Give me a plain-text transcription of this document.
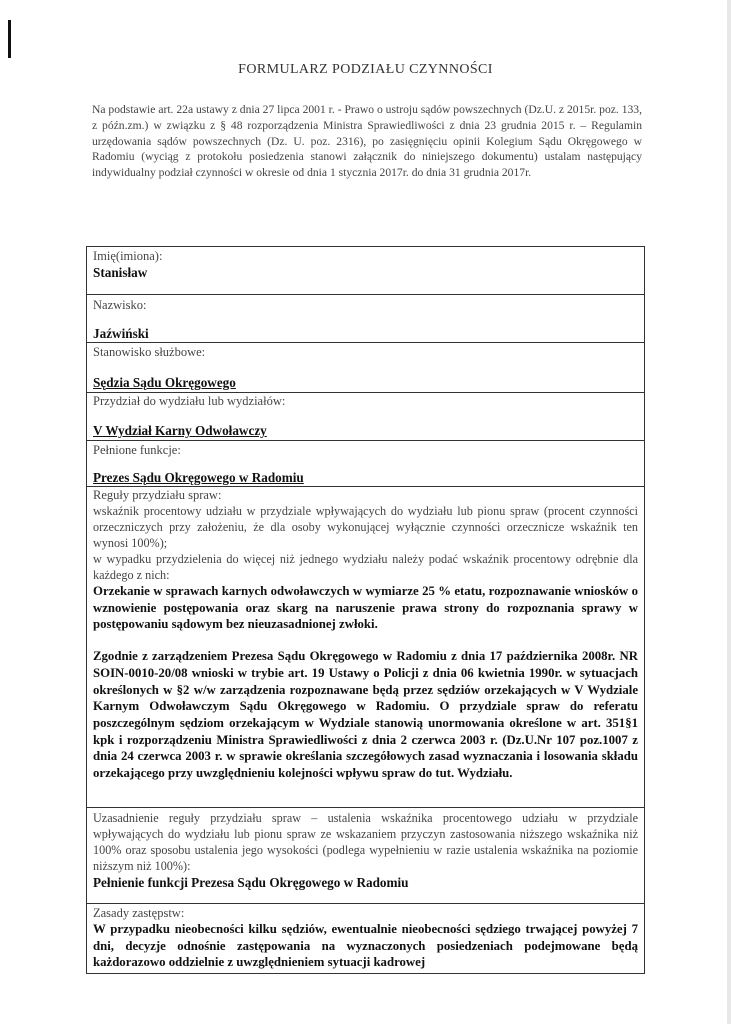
FORMULARZ PODZIAŁU CZYNNOŚCI
Na podstawie art. 22a ustawy z dnia 27 lipca 2001 r. - Prawo o ustroju sądów powszechnych (Dz.U. z 2015r. poz. 133, z późn.zm.) w związku z § 48 rozporządzenia Ministra Sprawiedliwości z dnia 23 grudnia 2015 r. – Regulamin urzędowania sądów powszechnych (Dz. U. poz. 2316), po zasięgnięciu opinii Kolegium Sądu Okręgowego w Radomiu (wyciąg z protokołu posiedzenia stanowi załącznik do niniejszego dokumentu) ustalam następujący indywidualny podział czynności w okresie od dnia 1 stycznia 2017r. do dnia 31 grudnia 2017r.
Imię(imiona):
Stanisław
Nazwisko:
Jaźwiński
Stanowisko służbowe:
Sędzia Sądu Okręgowego
Przydział do wydziału lub wydziałów:
V Wydział Karny Odwoławczy
Pełnione funkcje:
Prezes Sądu Okręgowego w Radomiu
Reguły przydziału spraw:
wskaźnik procentowy udziału w przydziale wpływających do wydziału lub pionu spraw (procent czynności orzeczniczych przy założeniu, że dla osoby wykonującej wyłącznie czynności orzecznicze wskaźnik ten wynosi 100%);
w wypadku przydzielenia do więcej niż jednego wydziału należy podać wskaźnik procentowy odrębnie dla każdego z nich:
Orzekanie w sprawach karnych odwoławczych w wymiarze 25 % etatu, rozpoznawanie wniosków o wznowienie postępowania oraz skarg na naruszenie prawa strony do rozpoznania sprawy w postępowaniu sądowym bez nieuzasadnionej zwłoki.
Zgodnie z zarządzeniem Prezesa Sądu Okręgowego w Radomiu z dnia 17 października 2008r. NR SOIN-0010-20/08 wnioski w trybie art. 19 Ustawy o Policji z dnia 06 kwietnia 1990r. w sytuacjach określonych w §2 w/w zarządzenia rozpoznawane będą przez sędziów orzekających w V Wydziale Karnym Odwoławczym Sądu Okręgowego w Radomiu. O przydziale spraw do referatu poszczególnym sędziom orzekającym w Wydziale stanowią unormowania określone w art. 351§1 kpk i rozporządzeniu Ministra Sprawiedliwości z dnia 2 czerwca 2003 r. (Dz.U.Nr 107 poz.1007 z dnia 24 czerwca 2003 r. w sprawie określania szczegółowych zasad wyznaczania i losowania składu orzekającego przy uwzględnieniu kolejności wpływu spraw do tut. Wydziału.
Uzasadnienie reguły przydziału spraw – ustalenia wskaźnika procentowego udziału w przydziale wpływających do wydziału lub pionu spraw ze wskazaniem przyczyn zastosowania niższego wskaźnika niż 100% oraz sposobu ustalenia jego wysokości (podlega wypełnieniu w razie ustalenia wskaźnika na poziomie niższym niż 100%):
Pełnienie funkcji Prezesa Sądu Okręgowego w Radomiu
Zasady zastępstw:
W przypadku nieobecności kilku sędziów, ewentualnie nieobecności sędziego trwającej powyżej 7 dni, decyzje odnośnie zastępowania na wyznaczonych posiedzeniach podejmowane będą każdorazowo oddzielnie z uwzględnieniem sytuacji kadrowej
